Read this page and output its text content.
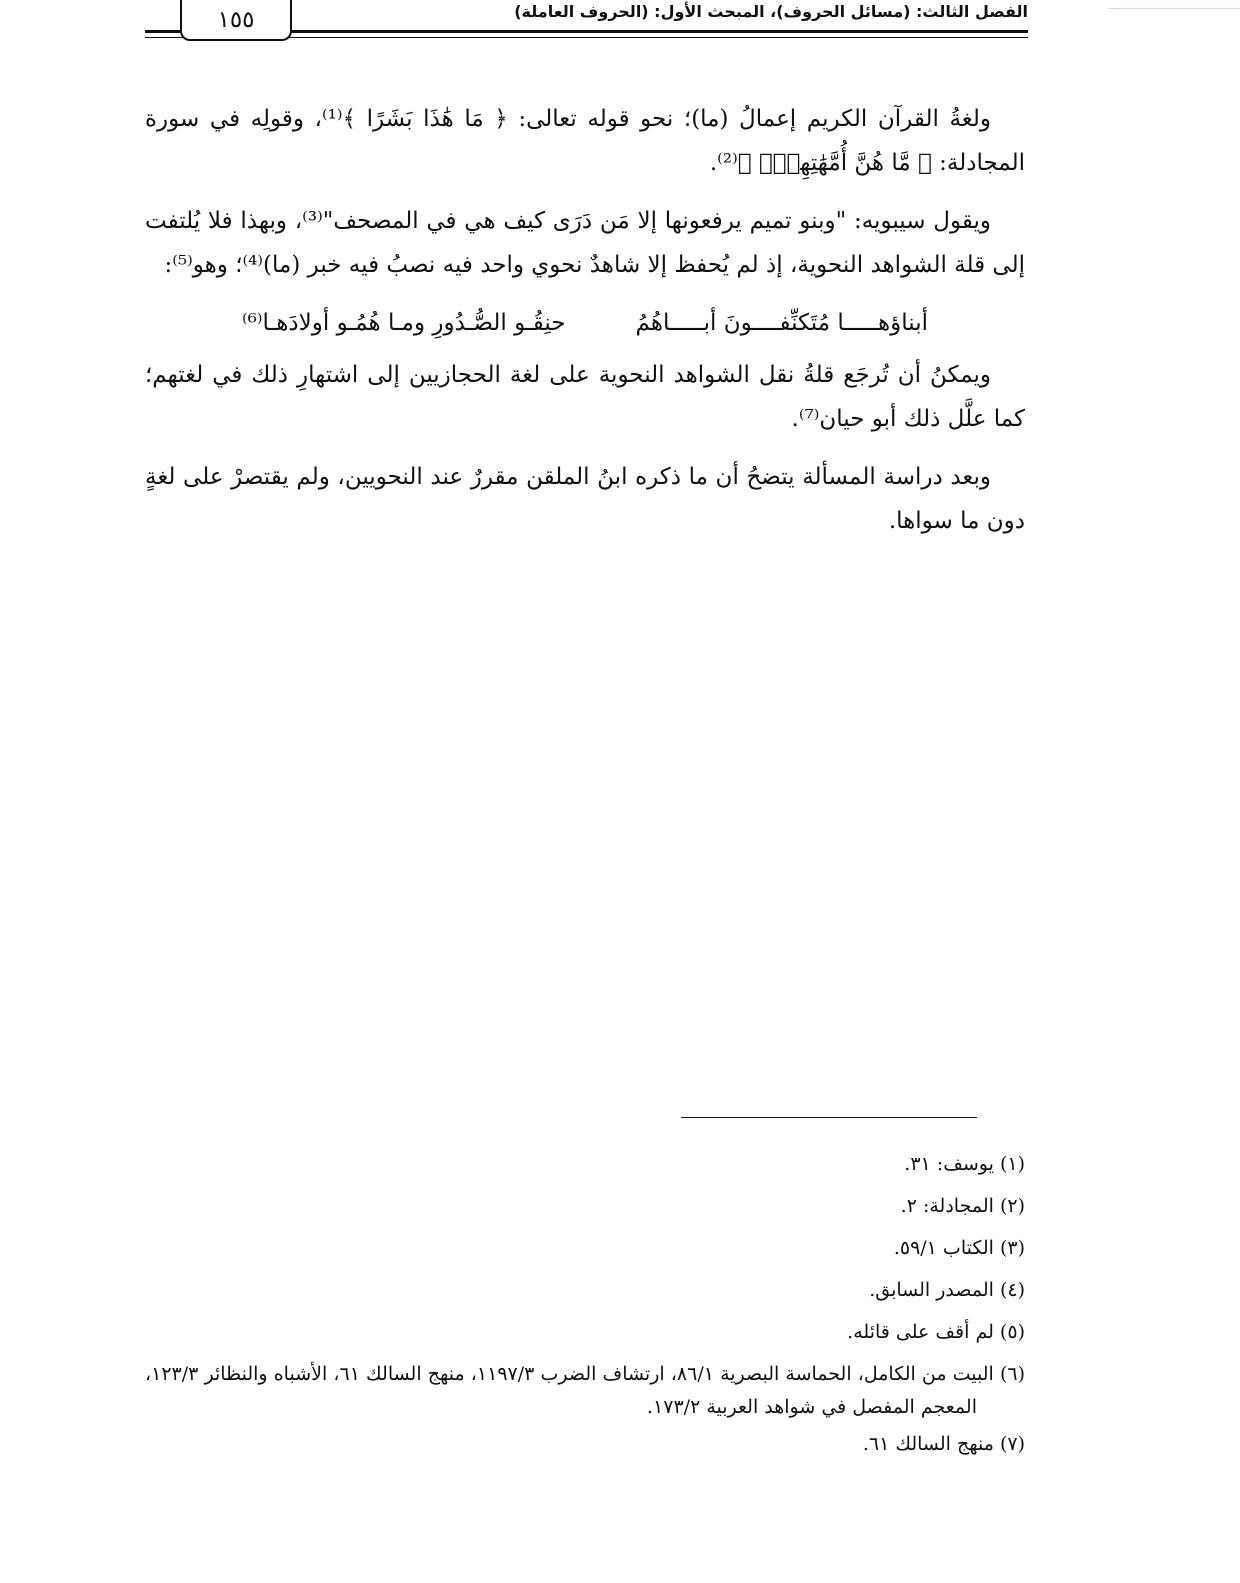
١٥٥	الفصل الثالث: (مسائل الحروف)، المبحث الأول: (الحروف العاملة)

ولغةُ القرآن الكريم إعمالُ (ما)؛ نحو قوله تعالى: ﴿ مَا هَٰذَا بَشَرًا ﴾⁽¹⁾، وقولِه في سورة المجادلة: ﴿ مَّا هُنَّ أُمَّهَٰتِهِمْۖ ﴾⁽²⁾.

ويقول سيبويه: "وبنو تميم يرفعونها إلا مَن دَرَى كيف هي في المصحف"⁽³⁾، وبهذا فلا يُلتفت إلى قلة الشواهد النحوية، إذ لم يُحفظ إلا شاهدٌ نحوي واحد فيه نصبُ فيه خبر (ما)⁽⁴⁾؛ وهو⁽⁵⁾:

أبناؤهـــــا مُتَكنِّفــــونَ أبـــــاهُمُ
حنِقُـو الصُّـدُورِ ومـا هُمُـو أولادَهـا⁽⁶⁾

ويمكنُ أن تُرجَع قلةُ نقل الشواهد النحوية على لغة الحجازيين إلى اشتهارِ ذلك في لغتهم؛ كما علَّل ذلك أبو حيان⁽⁷⁾.

وبعد دراسة المسألة يتضحُ أن ما ذكره ابنُ الملقن مقررٌ عند النحويين، ولم يقتصرْ على لغةٍ دون ما سواها.

(١) يوسف: ٣١.

(٢) المجادلة: ٢.

(٣) الكتاب ٥٩/١.

(٤) المصدر السابق.

(٥) لم أقف على قائله.

(٦) البيت من الكامل، الحماسة البصرية ٨٦/١، ارتشاف الضرب ١١٩٧/٣، منهج السالك ٦١، الأشباه والنظائر ١٢٣/٣، المعجم المفصل في شواهد العربية ١٧٣/٢.

(٧) منهج السالك ٦١.
